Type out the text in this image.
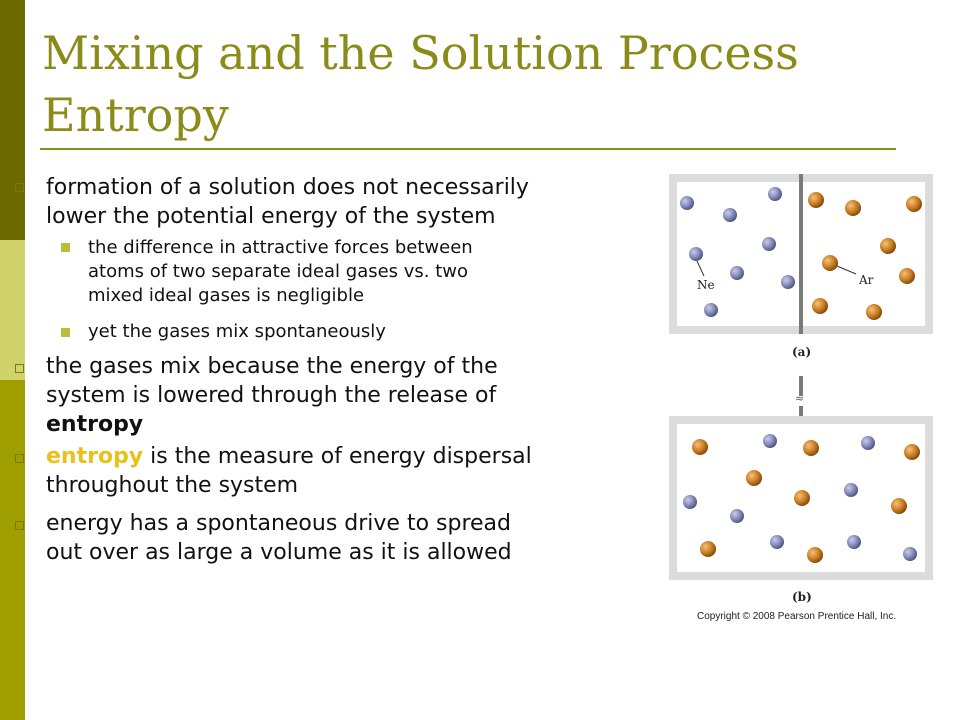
Mixing and the Solution Process
Entropy
formation of a solution does not necessarily
lower the potential energy of the system
the difference in attractive forces between
atoms of two separate ideal gases vs. two
mixed ideal gases is negligible
yet the gases mix spontaneously
the gases mix because the energy of the
system is lowered through the release of
entropy
entropy is the measure of energy dispersal
throughout the system
energy has a spontaneous drive to spread
out over as large a volume as it is allowed
Ne	Ar
(a)
≈
(b)
Copyright © 2008 Pearson Prentice Hall, Inc.
